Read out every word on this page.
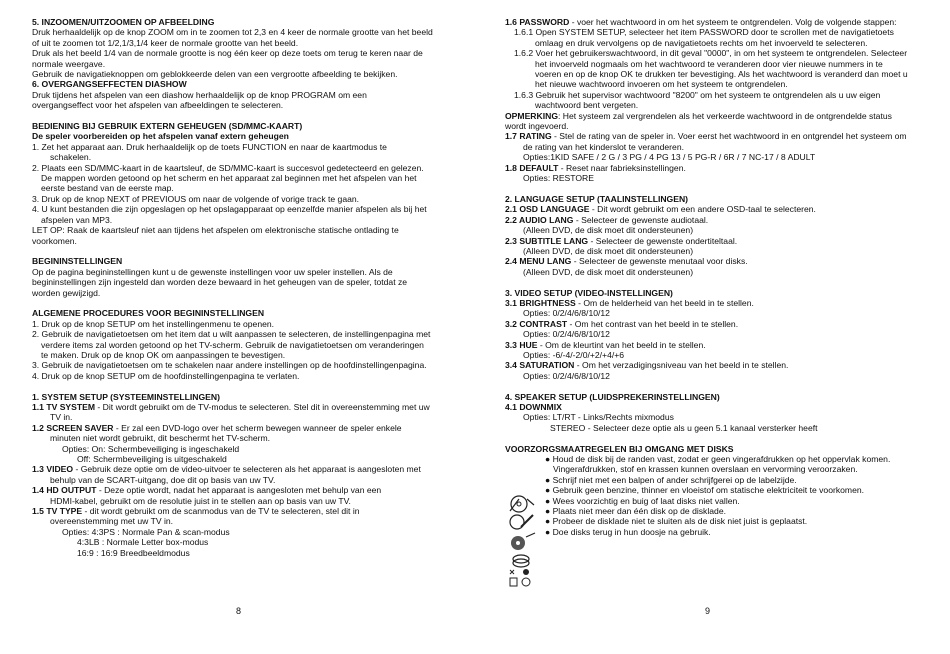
5. INZOOMEN/UITZOOMEN OP AFBEELDING
Druk herhaaldelijk op de knop ZOOM om in te zoomen tot 2,3 en 4 keer de normale grootte van het beeld
of uit te zoomen tot 1/2,1/3,1/4 keer de normale grootte van het beeld.
Druk als het beeld 1/4 van de normale grootte is nog één keer op deze toets om terug te keren naar de
normale weergave.
Gebruik de navigatieknoppen om geblokkeerde delen van een vergrootte afbeelding te bekijken.
6. OVERGANGSEFFECTEN DIASHOW
Druk tijdens het afspelen van een diashow herhaaldelijk op de knop PROGRAM om een
overgangseffect voor het afspelen van afbeeldingen te selecteren.
BEDIENING BIJ GEBRUIK EXTERN GEHEUGEN (SD/MMC-KAART)
De speler voorbereiden op het afspelen vanaf extern geheugen
1. Zet het apparaat aan. Druk herhaaldelijk op de toets FUNCTION en naar de kaartmodus te
schakelen.
2. Plaats een SD/MMC-kaart in de kaartsleuf, de SD/MMC-kaart is succesvol gedetecteerd en gelezen.
De mappen worden getoond op het scherm en het apparaat zal beginnen met het afspelen van het
eerste bestand van de eerste map.
3. Druk op de knop NEXT of PREVIOUS om naar de volgende of vorige track te gaan.
4. U kunt bestanden die zijn opgeslagen op het opslagapparaat op eenzelfde manier afspelen als bij het
afspelen van MP3.
LET OP: Raak de kaartsleuf niet aan tijdens het afspelen om elektronische statische ontlading te
voorkomen.
BEGININSTELLINGEN
Op de pagina begininstellingen kunt u de gewenste instellingen voor uw speler instellen. Als de
begininstellingen zijn ingesteld dan worden deze bewaard in het geheugen van de speler, totdat ze
worden gewijzigd.
ALGEMENE PROCEDURES VOOR BEGININSTELLINGEN
1. Druk op de knop SETUP om het instellingenmenu te openen.
2. Gebruik de navigatietoetsen om het item dat u wilt aanpassen te selecteren, de instellingenpagina met
verdere items zal worden getoond op het TV-scherm. Gebruik de navigatietoetsen om veranderingen
te maken. Druk op de knop OK om aanpassingen te bevestigen.
3. Gebruik de navigatietoetsen om te schakelen naar andere instellingen op de hoofdinstellingenpagina.
4. Druk op de knop SETUP om de hoofdinstellingenpagina te verlaten.
1. SYSTEM SETUP (SYSTEEMINSTELLINGEN)
1.1 TV SYSTEM - Dit wordt gebruikt om de TV-modus te selecteren. Stel dit in overeenstemming met uw
TV in.
1.2 SCREEN SAVER - Er zal een DVD-logo over het scherm bewegen wanneer de speler enkele
minuten niet wordt gebruikt, dit beschermt het TV-scherm.
Opties: On: Schermbeveiliging is ingeschakeld
Off: Schermbeveiliging is uitgeschakeld
1.3 VIDEO - Gebruik deze optie om de video-uitvoer te selecteren als het apparaat is aangesloten met
behulp van de SCART-uitgang, doe dit op basis van uw TV.
1.4 HD OUTPUT - Deze optie wordt, nadat het apparaat is aangesloten met behulp van een
HDMI-kabel, gebruikt om de resolutie juist in te stellen aan op basis van uw TV.
1.5 TV TYPE - dit wordt gebruikt om de scanmodus van de TV te selecteren, stel dit in
overeenstemming met uw TV in.
Opties: 4:3PS : Normale Pan & scan-modus
4:3LB : Normale Letter box-modus
16:9 : 16:9 Breedbeeldmodus
1.6 PASSWORD - voer het wachtwoord in om het systeem te ontgrendelen. Volg de volgende stappen:
1.6.1 Open SYSTEM SETUP, selecteer het item PASSWORD door te scrollen met de navigatietoets
omlaag en druk vervolgens op de navigatietoets rechts om het invoerveld te selecteren.
1.6.2 Voer het gebruikerswachtwoord, in dit geval "0000", in om het systeem te ontgrendelen. Selecteer
het invoerveld nogmaals om het wachtwoord te veranderen door vier nieuwe nummers in te
voeren en op de knop OK te drukken ter bevestiging. Als het wachtwoord is veranderd dan moet u
het nieuwe wachtwoord invoeren om het systeem te ontgrendelen.
1.6.3 Gebruik het supervisor wachtwoord "8200" om het systeem te ontgrendelen als u uw eigen
wachtwoord bent vergeten.
OPMERKING: Het systeem zal vergrendelen als het verkeerde wachtwoord in de ontgrendelde status
wordt ingevoerd.
1.7 RATING - Stel de rating van de speler in. Voer eerst het wachtwoord in en ontgrendel het systeem om
de rating van het kinderslot te veranderen.
Opties:1KID SAFE / 2 G / 3 PG / 4 PG 13 / 5 PG-R / 6R / 7 NC-17 / 8 ADULT
1.8 DEFAULT - Reset naar fabrieksinstellingen.
Opties: RESTORE
2. LANGUAGE SETUP (TAALINSTELLINGEN)
2.1 OSD LANGUAGE - Dit wordt gebruikt om een andere OSD-taal te selecteren.
2.2 AUDIO LANG - Selecteer de gewenste audiotaal.
(Alleen DVD, de disk moet dit ondersteunen)
2.3 SUBTITLE LANG - Selecteer de gewenste ondertiteltaal.
(Alleen DVD, de disk moet dit ondersteunen)
2.4 MENU LANG - Selecteer de gewenste menutaal voor disks.
(Alleen DVD, de disk moet dit ondersteunen)
3. VIDEO SETUP (VIDEO-INSTELLINGEN)
3.1 BRIGHTNESS - Om de helderheid van het beeld in te stellen.
Opties: 0/2/4/6/8/10/12
3.2 CONTRAST - Om het contrast van het beeld in te stellen.
Opties: 0/2/4/6/8/10/12
3.3 HUE - Om de kleurtint van het beeld in te stellen.
Opties: -6/-4/-2/0/+2/+4/+6
3.4 SATURATION - Om het verzadigingsniveau van het beeld in te stellen.
Opties: 0/2/4/6/8/10/12
4. SPEAKER SETUP (LUIDSPREKERINSTELLINGEN)
4.1 DOWNMIX
Opties: LT/RT - Links/Rechts mixmodus
STEREO - Selecteer deze optie als u geen 5.1 kanaal versterker heeft
VOORZORGSMAATREGELEN BIJ OMGANG MET DISKS
● Houd de disk bij de randen vast, zodat er geen vingerafdrukken op het oppervlak komen.
Vingerafdrukken, stof en krassen kunnen overslaan en vervorming veroorzaken.
● Schrijf niet met een balpen of ander schrijfgerei op de labelzijde.
● Gebruik geen benzine, thinner en vloeistof om statische elektriciteit te voorkomen.
● Wees voorzichtig en buig of laat disks niet vallen.
● Plaats niet meer dan één disk op de disklade.
● Probeer de disklade niet te sluiten als de disk niet juist is geplaatst.
● Doe disks terug in hun doosje na gebruik.
8	9
